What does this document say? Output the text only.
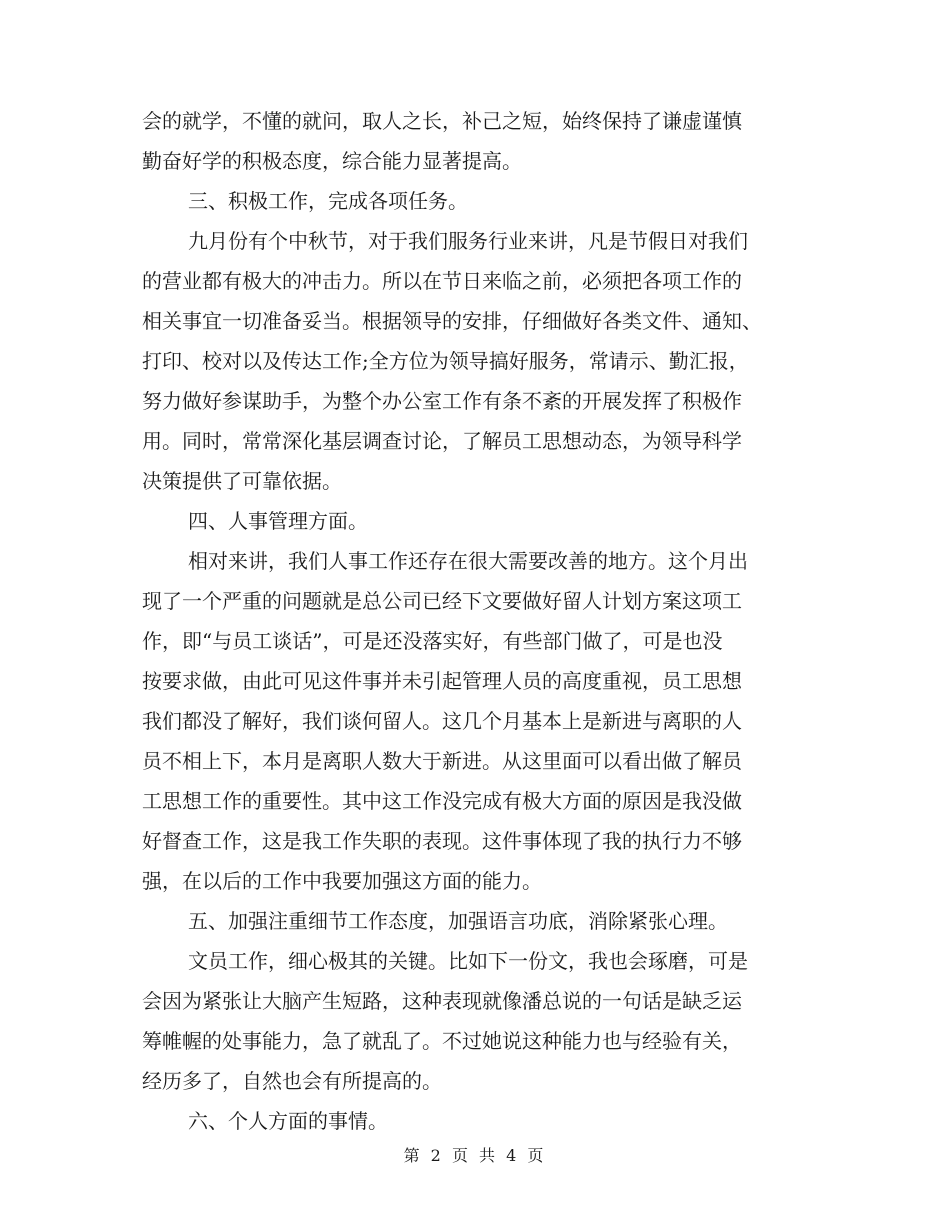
会的就学，不懂的就问，取人之长，补己之短，始终保持了谦虚谨慎
勤奋好学的积极态度，综合能力显著提高。
三、积极工作，完成各项任务。
九月份有个中秋节，对于我们服务行业来讲，凡是节假日对我们
的营业都有极大的冲击力。所以在节日来临之前，必须把各项工作的
相关事宜一切准备妥当。根据领导的安排，仔细做好各类文件、通知、
打印、校对以及传达工作;全方位为领导搞好服务，常请示、勤汇报，
努力做好参谋助手，为整个办公室工作有条不紊的开展发挥了积极作
用。同时，常常深化基层调查讨论，了解员工思想动态，为领导科学
决策提供了可靠依据。
四、人事管理方面。
相对来讲，我们人事工作还存在很大需要改善的地方。这个月出
现了一个严重的问题就是总公司已经下文要做好留人计划方案这项工
作，即“与员工谈话”，可是还没落实好，有些部门做了，可是也没
按要求做，由此可见这件事并未引起管理人员的高度重视，员工思想
我们都没了解好，我们谈何留人。这几个月基本上是新进与离职的人
员不相上下，本月是离职人数大于新进。从这里面可以看出做了解员
工思想工作的重要性。其中这工作没完成有极大方面的原因是我没做
好督查工作，这是我工作失职的表现。这件事体现了我的执行力不够
强，在以后的工作中我要加强这方面的能力。
五、加强注重细节工作态度，加强语言功底，消除紧张心理。
文员工作，细心极其的关键。比如下一份文，我也会琢磨，可是
会因为紧张让大脑产生短路，这种表现就像潘总说的一句话是缺乏运
筹帷幄的处事能力，急了就乱了。不过她说这种能力也与经验有关，
经历多了，自然也会有所提高的。
六、个人方面的事情。
第 2 页 共 4 页
